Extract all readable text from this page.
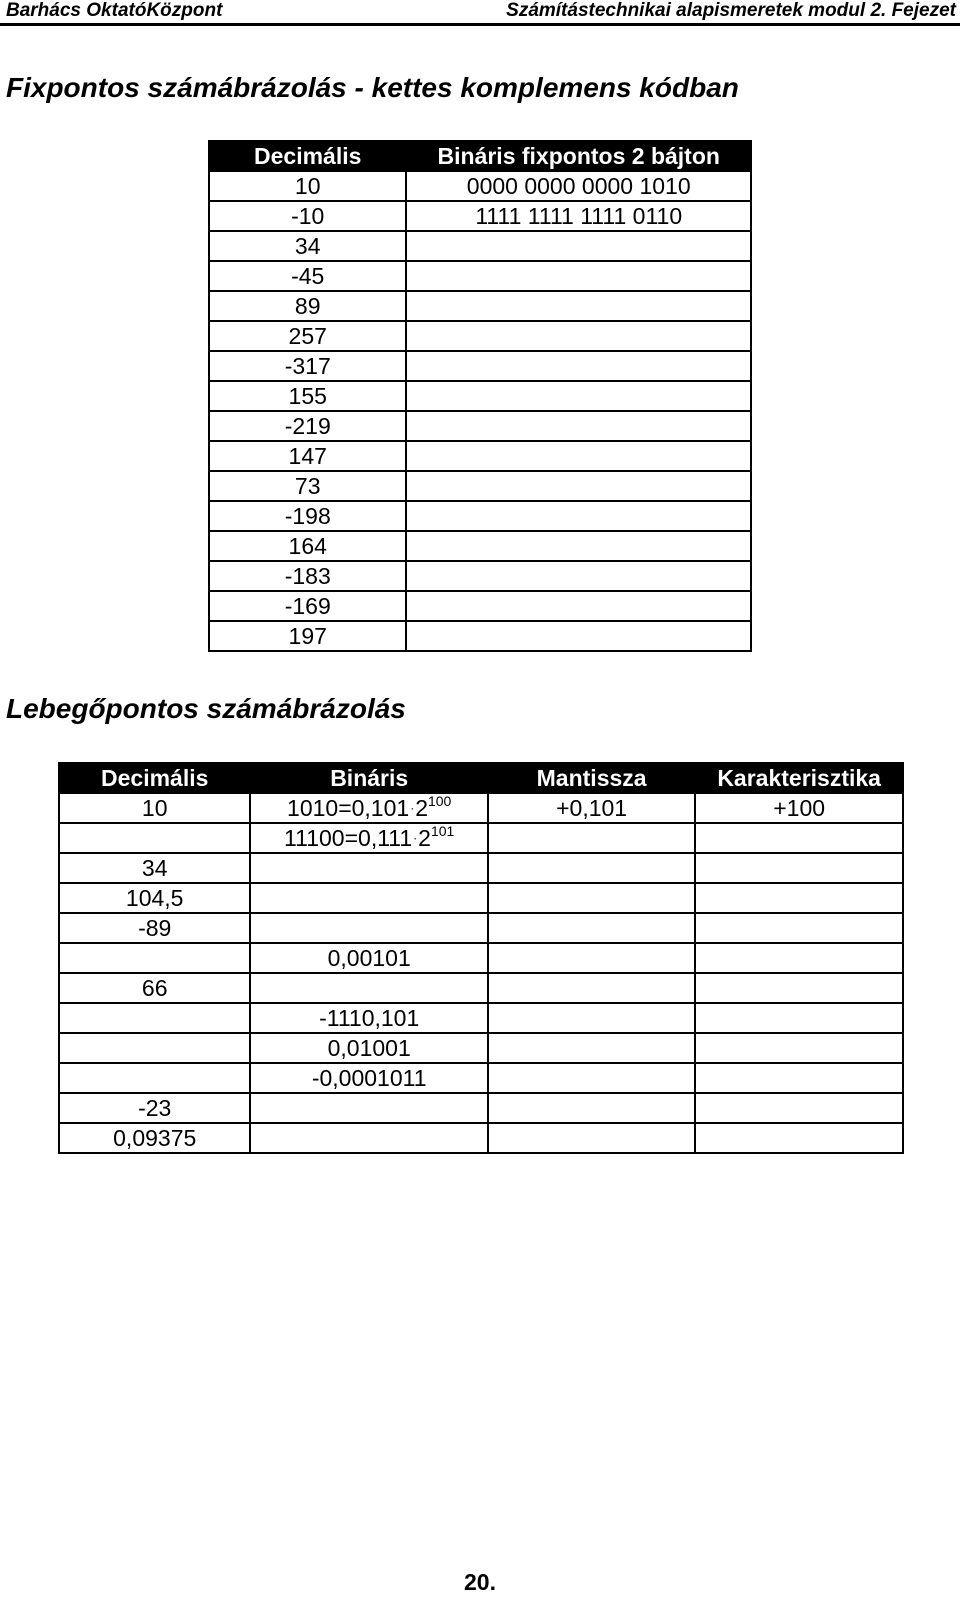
Barhács OktatóKözpont	Számítástechnikai alapismeretek modul 2. Fejezet
Fixpontos számábrázolás - kettes komplemens kódban
Decimális	Bináris fixpontos 2 bájton
10	0000 0000 0000 1010
-10	1111 1111 1111 0110
34	
-45	
89	
257	
-317	
155	
-219	
147	
73	
-198	
164	
-183	
-169	
197	
Lebegőpontos számábrázolás
Decimális	Bináris	Mantissza	Karakterisztika
10	$1010=0,101\cdot 2^{100}$	+0,101	+100
	$11100=0,111\cdot 2^{101}$		
34			
104,5			
-89			
	0,00101		
66			
	-1110,101		
	0,01001		
	-0,0001011		
-23			
0,09375			
20.
